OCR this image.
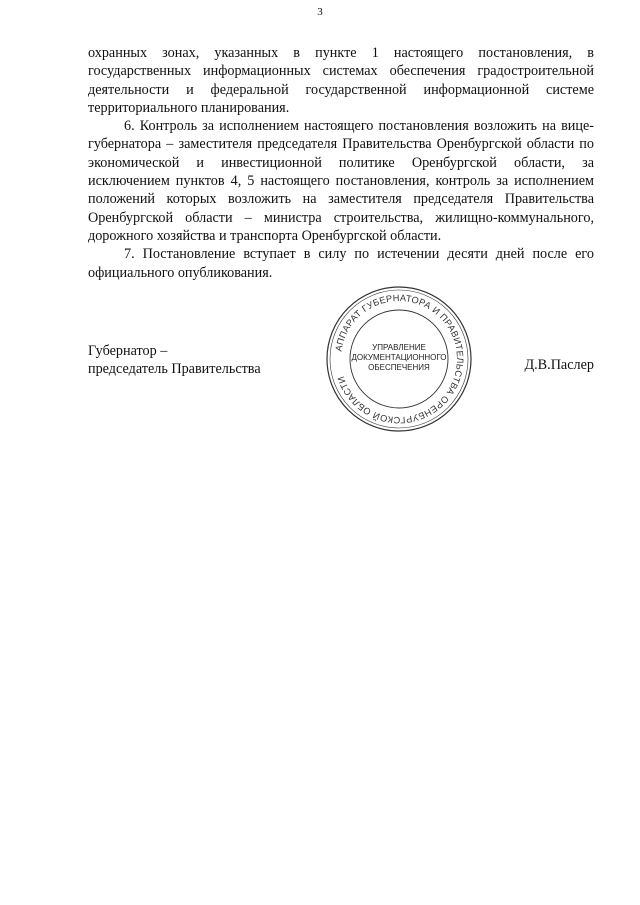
3

охранных зонах, указанных в пункте 1 настоящего постановления, в государственных информационных системах обеспечения градостроительной деятельности и федеральной государственной информационной системе территориального планирования.

6. Контроль за исполнением настоящего постановления возложить на вице-губернатора – заместителя председателя Правительства Оренбургской области по экономической и инвестиционной политике Оренбургской области, за исключением пунктов 4, 5 настоящего постановления, контроль за исполнением положений которых возложить на заместителя председателя Правительства Оренбургской области – министра строительства, жилищно-коммунального, дорожного хозяйства и транспорта Оренбургской области.

7. Постановление вступает в силу по истечении десяти дней после его официального опубликования.

Губернатор –
председатель Правительства
АППАРАТ ГУБЕРНАТОРА И ПРАВИТЕЛЬСТВА ОРЕНБУРГСКОЙ ОБЛАСТИ
УПРАВЛЕНИЕ
ДОКУМЕНТАЦИОННОГО
ОБЕСПЕЧЕНИЯ	Д.В.Паслер
